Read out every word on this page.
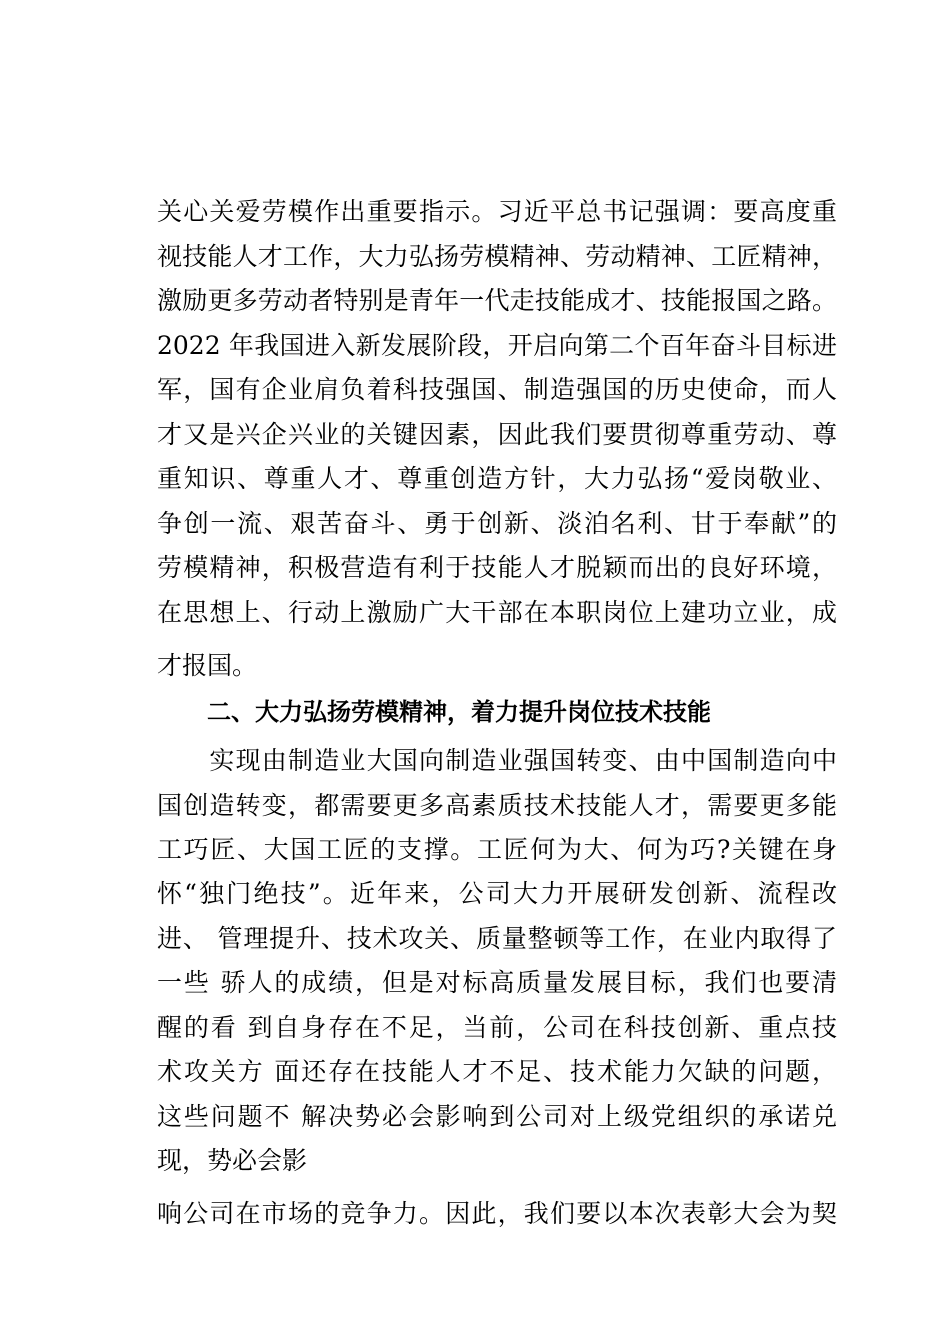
关心关爱劳模作出重要指示。习近平总书记强调：要高度重
视技能人才工作，大力弘扬劳模精神、劳动精神、工匠精神，
激励更多劳动者特别是青年一代走技能成才、技能报国之路。
2022 年我国进入新发展阶段，开启向第二个百年奋斗目标进
军，国有企业肩负着科技强国、制造强国的历史使命，而人
才又是兴企兴业的关键因素，因此我们要贯彻尊重劳动、尊
重知识、尊重人才、尊重创造方针，大力弘扬“爱岗敬业、
争创一流、艰苦奋斗、勇于创新、淡泊名利、甘于奉献”的
劳模精神，积极营造有利于技能人才脱颖而出的良好环境，
在思想上、行动上激励广大干部在本职岗位上建功立业，成
才报国。
二、大力弘扬劳模精神，着力提升岗位技术技能
　　实现由制造业大国向制造业强国转变、由中国制造向中
国创造转变，都需要更多高素质技术技能人才，需要更多能
工巧匠、大国工匠的支撑。工匠何为大、何为巧?关键在身
怀“独门绝技”。近年来，公司大力开展研发创新、流程改
进、 管理提升、技术攻关、质量整顿等工作，在业内取得了
一些 骄人的成绩，但是对标高质量发展目标，我们也要清
醒的看 到自身存在不足，当前，公司在科技创新、重点技
术攻关方 面还存在技能人才不足、技术能力欠缺的问题，
这些问题不 解决势必会影响到公司对上级党组织的承诺兑
现，势必会影
响公司在市场的竞争力。因此，我们要以本次表彰大会为契
